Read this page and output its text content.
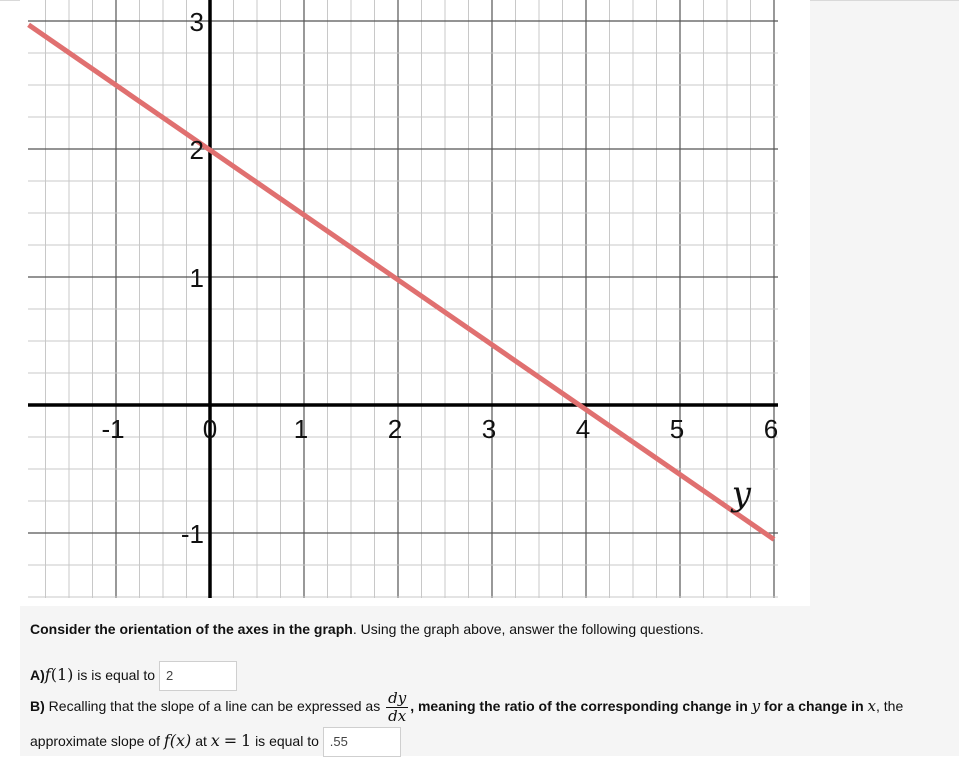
-1	0	1	2	3	4	5	6
3
2
1
-1
y
Consider the orientation of the axes in the graph. Using the graph above, answer the following questions.
A)f(1) is is equal to 2
B) Recalling that the slope of a line can be expressed as $\frac{dy}{dx}$ , meaning the ratio of the corresponding change in y for a change in x, the
approximate slope of f(x) at x = 1 is equal to .55
